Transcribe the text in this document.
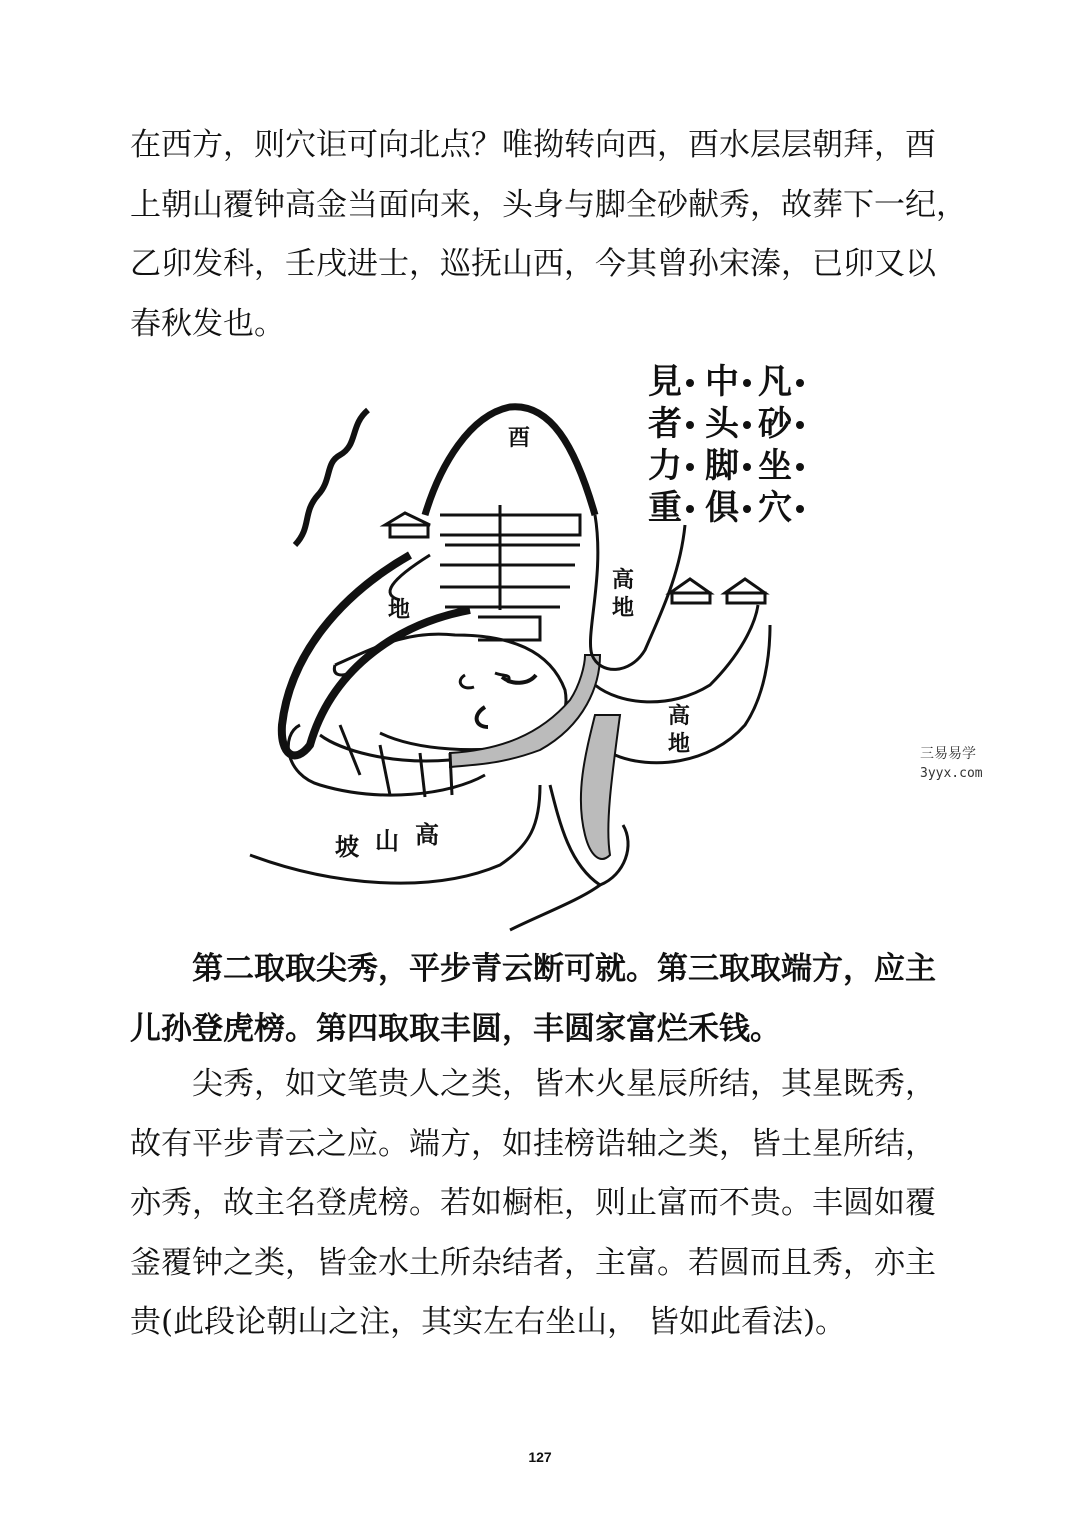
在西方，则穴讵可向北点？唯拗转向西，酉水层层朝拜，酉
上朝山覆钟高金当面向来，头身与脚全砂献秀，故葬下一纪，
乙卯发科，壬戌进士，巡抚山西，今其曾孙宋溱，已卯又以
春秋发也。
凡砂坐穴
中头脚俱
見者力重
酉
地
坡 山 高
高地
高地
第二取取尖秀，平步青云断可就。第三取取端方，应主
儿孙登虎榜。第四取取丰圆，丰圆家富烂禾钱。
尖秀，如文笔贵人之类，皆木火星辰所结，其星既秀，
故有平步青云之应。端方，如挂榜诰轴之类，皆土星所结，
亦秀，故主名登虎榜。若如橱柜，则止富而不贵。丰圆如覆
釜覆钟之类，皆金水土所杂结者，主富。若圆而且秀，亦主
贵(此段论朝山之注，其实左右坐山， 皆如此看法)。
三易易学
3yyx.com
127
